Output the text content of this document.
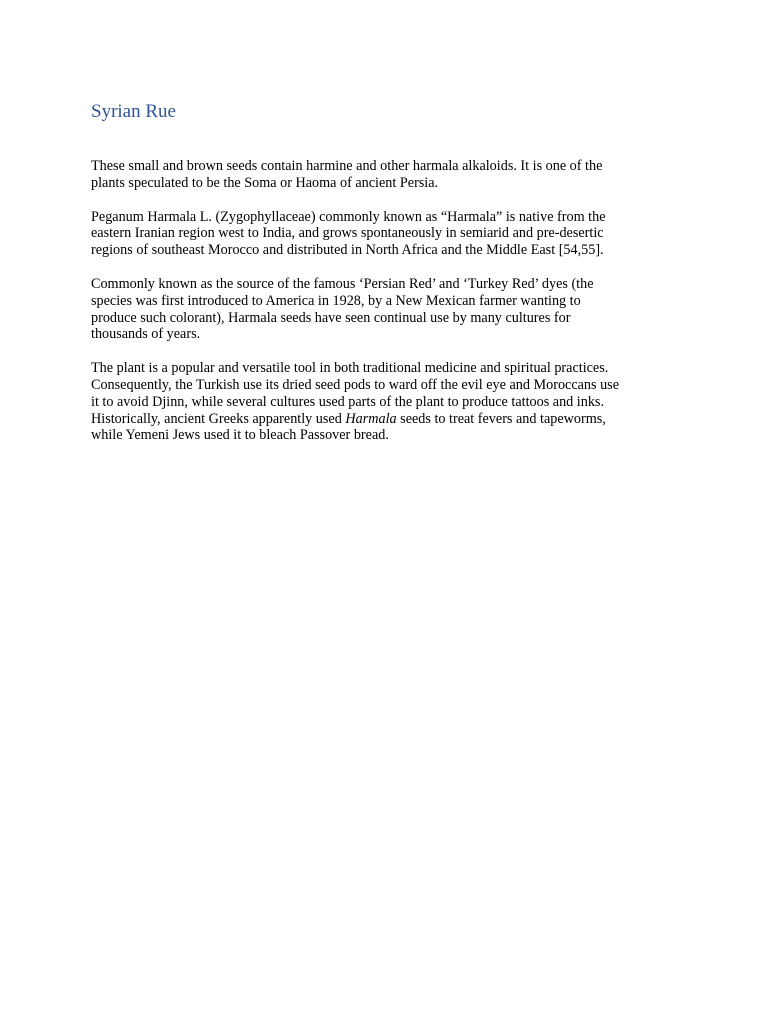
Syrian Rue

These small and brown seeds contain harmine and other harmala alkaloids. It is one of the
plants speculated to be the Soma or Haoma of ancient Persia.

Peganum Harmala L. (Zygophyllaceae) commonly known as “Harmala” is native from the
eastern Iranian region west to India, and grows spontaneously in semiarid and pre-desertic
regions of southeast Morocco and distributed in North Africa and the Middle East [54,55].

Commonly known as the source of the famous ‘Persian Red’ and ‘Turkey Red’ dyes (the
species was first introduced to America in 1928, by a New Mexican farmer wanting to
produce such colorant), Harmala seeds have seen continual use by many cultures for
thousands of years.

The plant is a popular and versatile tool in both traditional medicine and spiritual practices.
Consequently, the Turkish use its dried seed pods to ward off the evil eye and Moroccans use
it to avoid Djinn, while several cultures used parts of the plant to produce tattoos and inks.
Historically, ancient Greeks apparently used Harmala seeds to treat fevers and tapeworms,
while Yemeni Jews used it to bleach Passover bread.
